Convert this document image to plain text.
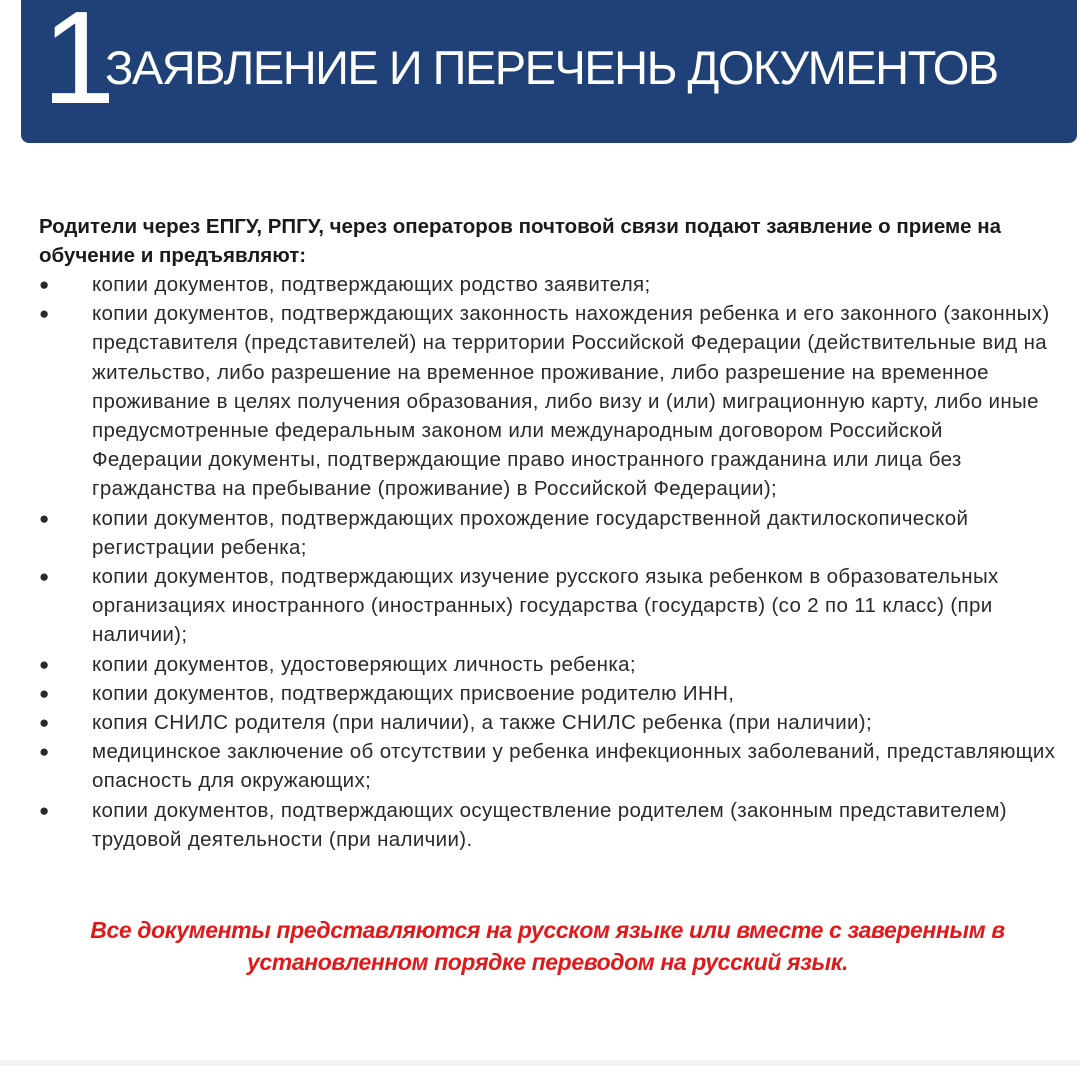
1
ЗАЯВЛЕНИЕ И ПЕРЕЧЕНЬ ДОКУМЕНТОВ
Родители через ЕПГУ, РПГУ, через операторов почтовой связи подают заявление о приеме на обучение и предъявляют:
● копии документов, подтверждающих родство заявителя;
● копии документов, подтверждающих законность нахождения ребенка и его законного (законных) представителя (представителей) на территории Российской Федерации (действительные вид на жительство, либо разрешение на временное проживание, либо разрешение на временное проживание в целях получения образования, либо визу и (или) миграционную карту, либо иные предусмотренные федеральным законом или международным договором Российской Федерации документы, подтверждающие право иностранного гражданина или лица без гражданства на пребывание (проживание) в Российской Федерации);
● копии документов, подтверждающих прохождение государственной дактилоскопической регистрации ребенка;
● копии документов, подтверждающих изучение русского языка ребенком в образовательных организациях иностранного (иностранных) государства (государств) (со 2 по 11 класс) (при наличии);
● копии документов, удостоверяющих личность ребенка;
● копии документов, подтверждающих присвоение родителю ИНН,
● копия СНИЛС родителя (при наличии), а также СНИЛС ребенка (при наличии);
● медицинское заключение об отсутствии у ребенка инфекционных заболеваний, представляющих опасность для окружающих;
● копии документов, подтверждающих осуществление родителем (законным представителем) трудовой деятельности (при наличии).
Все документы представляются на русском языке или вместе с заверенным в установленном порядке переводом на русский язык.
